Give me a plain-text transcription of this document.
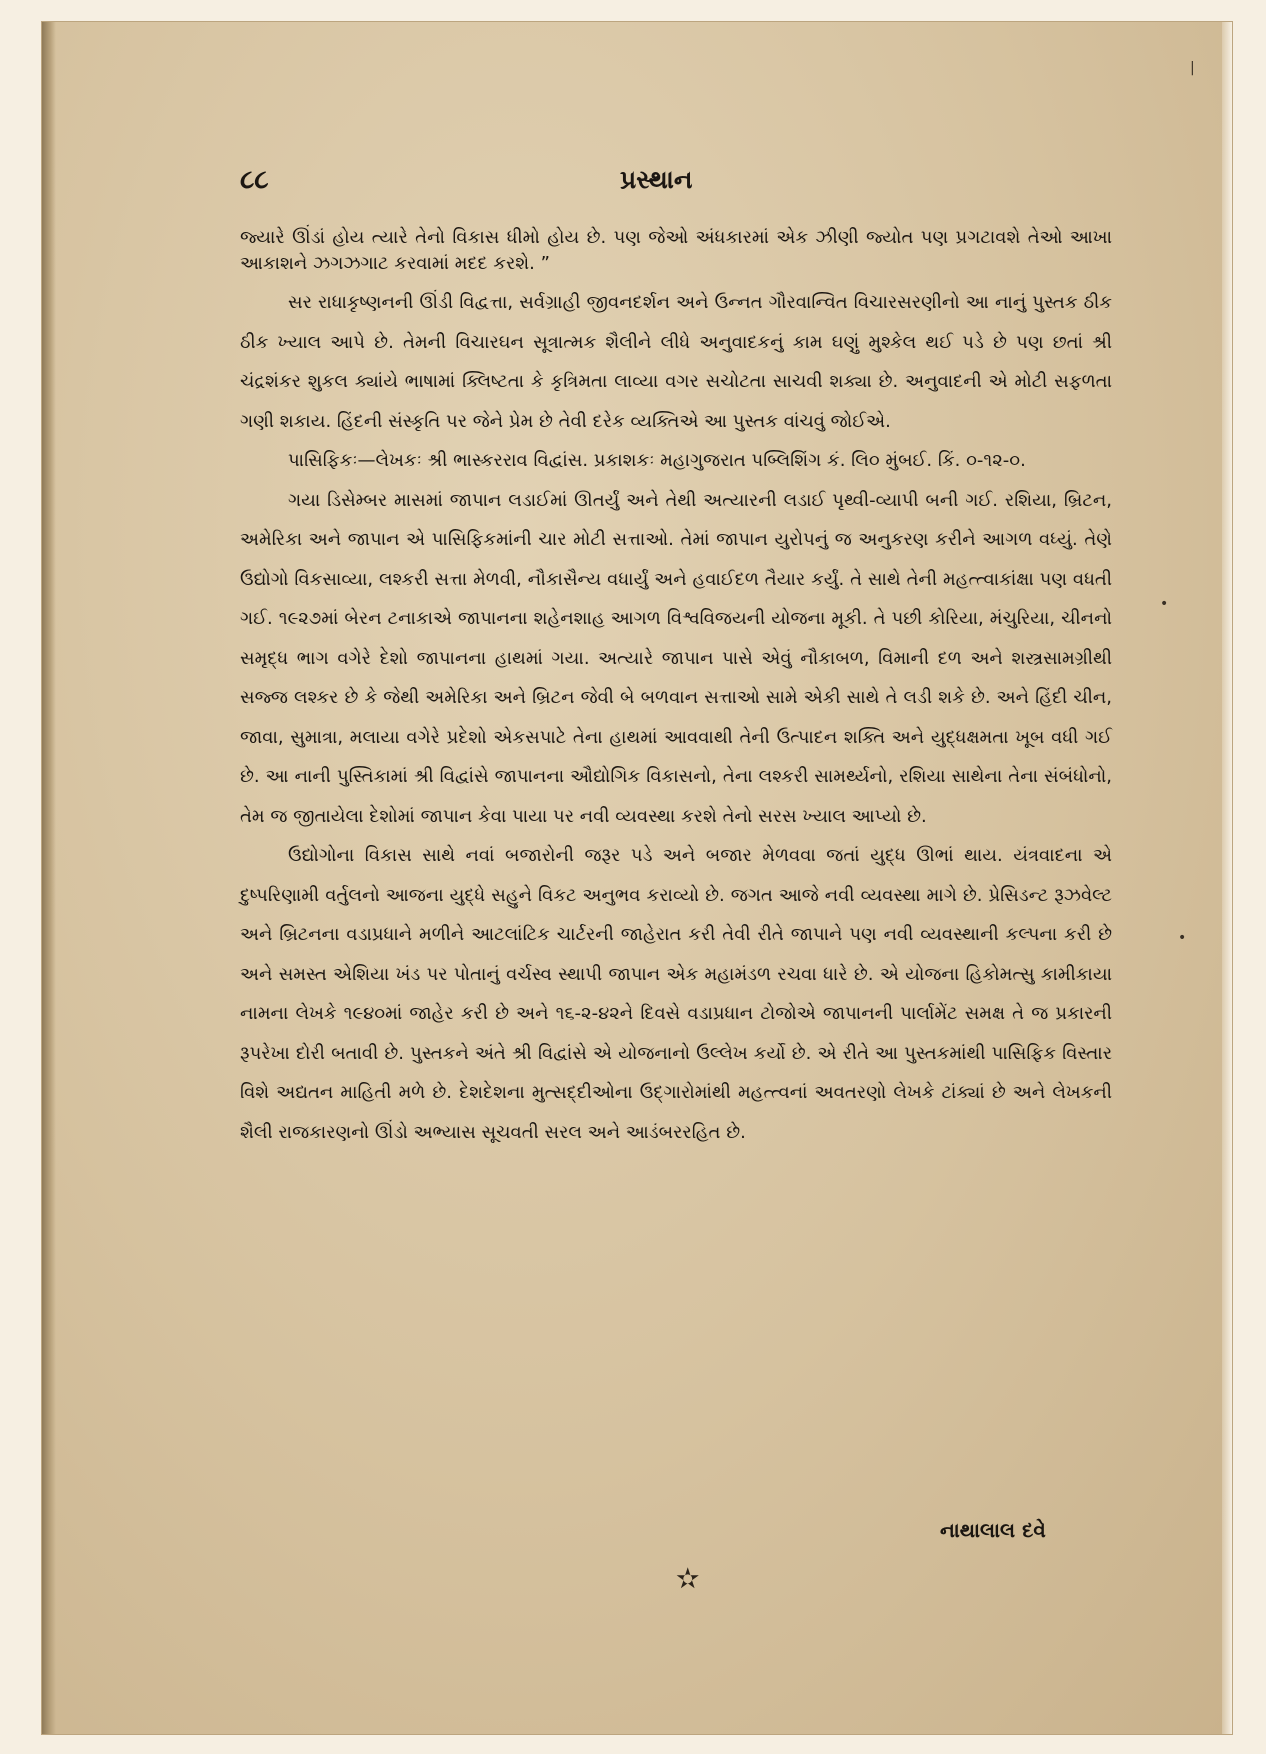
૮૮	પ્રસ્થાન

જ્યારે ઊંડાં હોય ત્યારે તેનો વિકાસ ધીમો હોય છે. પણ જેઓ અંધકારમાં એક ઝીણી જ્યોત પણ પ્રગટાવશે તેઓ આખા આકાશને ઝગઝગાટ કરવામાં મદદ કરશે. ”

સર રાધાકૃષ્ણનની ઊંડી વિદ્વત્તા, સર્વગ્રાહી જીવનદર્શન અને ઉન્નત ગૌરવાન્વિત વિચારસરણીનો આ નાનું પુસ્તક ઠીક ઠીક ખ્યાલ આપે છે. તેમની વિચારઘન સૂત્રાત્મક શૈલીને લીધે અનુવાદકનું કામ ઘણું મુશ્કેલ થઈ પડે છે પણ છતાં શ્રી ચંદ્રશંકર શુકલ ક્યાંયે ભાષામાં ક્લિષ્ટતા કે કૃત્રિમતા લાવ્યા વગર સચોટતા સાચવી શક્યા છે. અનુવાદની એ મોટી સફળતા ગણી શકાય. હિંદની સંસ્કૃતિ પર જેને પ્રેમ છે તેવી દરેક વ્યક્તિએ આ પુસ્તક વાંચવું જોઈએ.

પાસિફિકઃ—લેખકઃ શ્રી ભાસ્કરરાવ વિદ્વાંસ. પ્રકાશકઃ મહાગુજરાત પબ્લિશિંગ કં. લિ૦ મુંબઈ. કિં. ૦-૧૨-૦.

ગયા ડિસેમ્બર માસમાં જાપાન લડાઈમાં ઊતર્યું અને તેથી અત્યારની લડાઈ પૃથ્વી-વ્યાપી બની ગઈ. રશિયા, બ્રિટન, અમેરિકા અને જાપાન એ પાસિફિકમાંની ચાર મોટી સત્તાઓ. તેમાં જાપાન યુરોપનું જ અનુકરણ કરીને આગળ વધ્યું. તેણે ઉદ્યોગો વિકસાવ્યા, લશ્કરી સત્તા મેળવી, નૌકાસૈન્ય વધાર્યું અને હવાઈદળ તૈયાર કર્યું. તે સાથે તેની મહત્ત્વાકાંક્ષા પણ વધતી ગઈ. ૧૯૨૭માં બેરન ટનાકાએ જાપાનના શહેનશાહ આગળ વિશ્વવિજયની યોજના મૂકી. તે પછી કોરિયા, મંચુરિયા, ચીનનો સમૃદ્ધ ભાગ વગેરે દેશો જાપાનના હાથમાં ગયા. અત્યારે જાપાન પાસે એવું નૌકાબળ, વિમાની દળ અને શસ્ત્રસામગ્રીથી સજ્જ લશ્કર છે કે જેથી અમેરિકા અને બ્રિટન જેવી બે બળવાન સત્તાઓ સામે એકી સાથે તે લડી શકે છે. અને હિંદી ચીન, જાવા, સુમાત્રા, મલાયા વગેરે પ્રદેશો એકસપાટે તેના હાથમાં આવવાથી તેની ઉત્પાદન શક્તિ અને યુદ્ધક્ષમતા ખૂબ વધી ગઈ છે. આ નાની પુસ્તિકામાં શ્રી વિદ્વાંસે જાપાનના ઔદ્યોગિક વિકાસનો, તેના લશ્કરી સામર્થ્યનો, રશિયા સાથેના તેના સંબંધોનો, તેમ જ જીતાયેલા દેશોમાં જાપાન કેવા પાયા પર નવી વ્યવસ્થા કરશે તેનો સરસ ખ્યાલ આપ્યો છે.

ઉદ્યોગોના વિકાસ સાથે નવાં બજારોની જરૂર પડે અને બજાર મેળવવા જતાં યુદ્ધ ઊભાં થાય. યંત્રવાદના એ દુષ્પરિણામી વર્તુલનો આજના યુદ્ધે સહુને વિકટ અનુભવ કરાવ્યો છે. જગત આજે નવી વ્યવસ્થા માગે છે. પ્રેસિડન્ટ રૂઝવેલ્ટ અને બ્રિટનના વડાપ્રધાને મળીને આટલાંટિક ચાર્ટરની જાહેરાત કરી તેવી રીતે જાપાને પણ નવી વ્યવસ્થાની કલ્પના કરી છે અને સમસ્ત એશિયા ખંડ પર પોતાનું વર્ચસ્વ સ્થાપી જાપાન એક મહામંડળ રચવા ધારે છે. એ યોજના હિકોમત્સુ કામીકાયા નામના લેખકે ૧૯૪૦માં જાહેર કરી છે અને ૧૬-૨-૪૨ને દિવસે વડાપ્રધાન ટોજોએ જાપાનની પાર્લામેંટ સમક્ષ તે જ પ્રકારની રૂપરેખા દોરી બતાવી છે. પુસ્તકને અંતે શ્રી વિદ્વાંસે એ યોજનાનો ઉલ્લેખ કર્યો છે. એ રીતે આ પુસ્તકમાંથી પાસિફિક વિસ્તાર વિશે અદ્યતન માહિતી મળે છે. દેશદેશના મુત્સદ્દીઓના ઉદ્ગારોમાંથી મહત્ત્વનાં અવતરણો લેખકે ટાંક્યાં છે અને લેખકની શૈલી રાજકારણનો ઊંડો અભ્યાસ સૂચવતી સરલ અને આડંબરરહિત છે.

નાથાલાલ દવે
✫
•
|
•
